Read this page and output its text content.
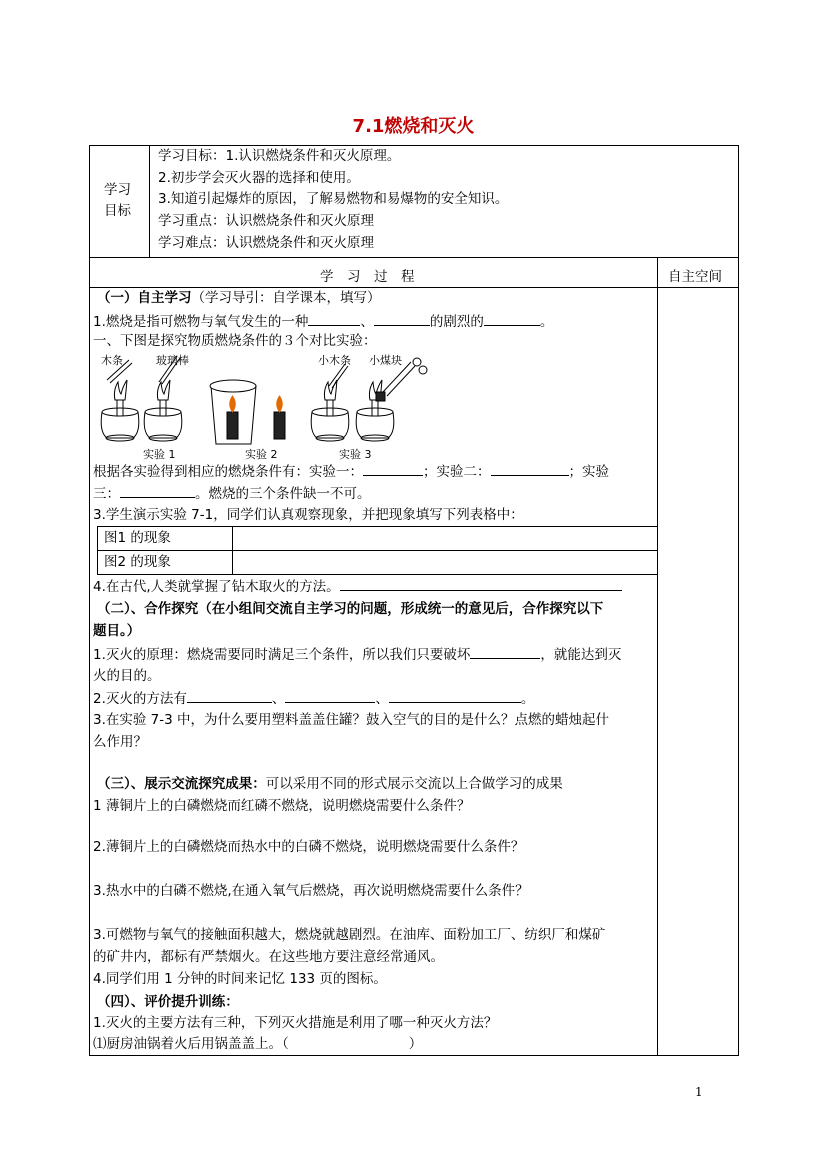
7.1燃烧和灭火
学习
目标
学习目标：1.认识燃烧条件和灭火原理。
2.初步学会灭火器的选择和使用。
3.知道引起爆炸的原因，了解易燃物和易爆物的安全知识。
学习重点：认识燃烧条件和灭火原理
学习难点：认识燃烧条件和灭火原理
学　习　过　程	自主空间
（一）自主学习（学习导引：自学课本，填写）
1.燃烧是指可燃物与氧气发生的一种	、	的剧烈的	。
一、下图是探究物质燃烧条件的３个对比实验：
木条	玻璃棒	小木条 小煤块
实验 1	实验 2	实验 3
根据各实验得到相应的燃烧条件有：实验一：	；实验二：	；实验
三：	。燃烧的三个条件缺一不可。
3.学生演示实验 7-1，同学们认真观察现象，并把现象填写下列表格中：
图1 的现象
图2 的现象
4.在古代,人类就掌握了钻木取火的方法。
（二）、合作探究（在小组间交流自主学习的问题，形成统一的意见后，合作探究以下
题目。）
1.灭火的原理：燃烧需要同时满足三个条件，所以我们只要破坏	，就能达到灭
火的目的。
2.灭火的方法有	、	、	。
3.在实验 7-3 中，为什么要用塑料盖盖住罐？鼓入空气的目的是什么？点燃的蜡烛起什
么作用？
（三）、展示交流探究成果：可以采用不同的形式展示交流以上合做学习的成果
1 薄铜片上的白磷燃烧而红磷不燃烧，说明燃烧需要什么条件？
2.薄铜片上的白磷燃烧而热水中的白磷不燃烧，说明燃烧需要什么条件？
3.热水中的白磷不燃烧,在通入氧气后燃烧，再次说明燃烧需要什么条件？
3.可燃物与氧气的接触面积越大，燃烧就越剧烈。在油库、面粉加工厂、纺织厂和煤矿
的矿井内，都标有严禁烟火。在这些地方要注意经常通风。
4.同学们用 1 分钟的时间来记忆 133 页的图标。
（四）、评价提升训练：
1.灭火的主要方法有三种，下列灭火措施是利用了哪一种灭火方法？
⑴厨房油锅着火后用锅盖盖上。（	）
1
